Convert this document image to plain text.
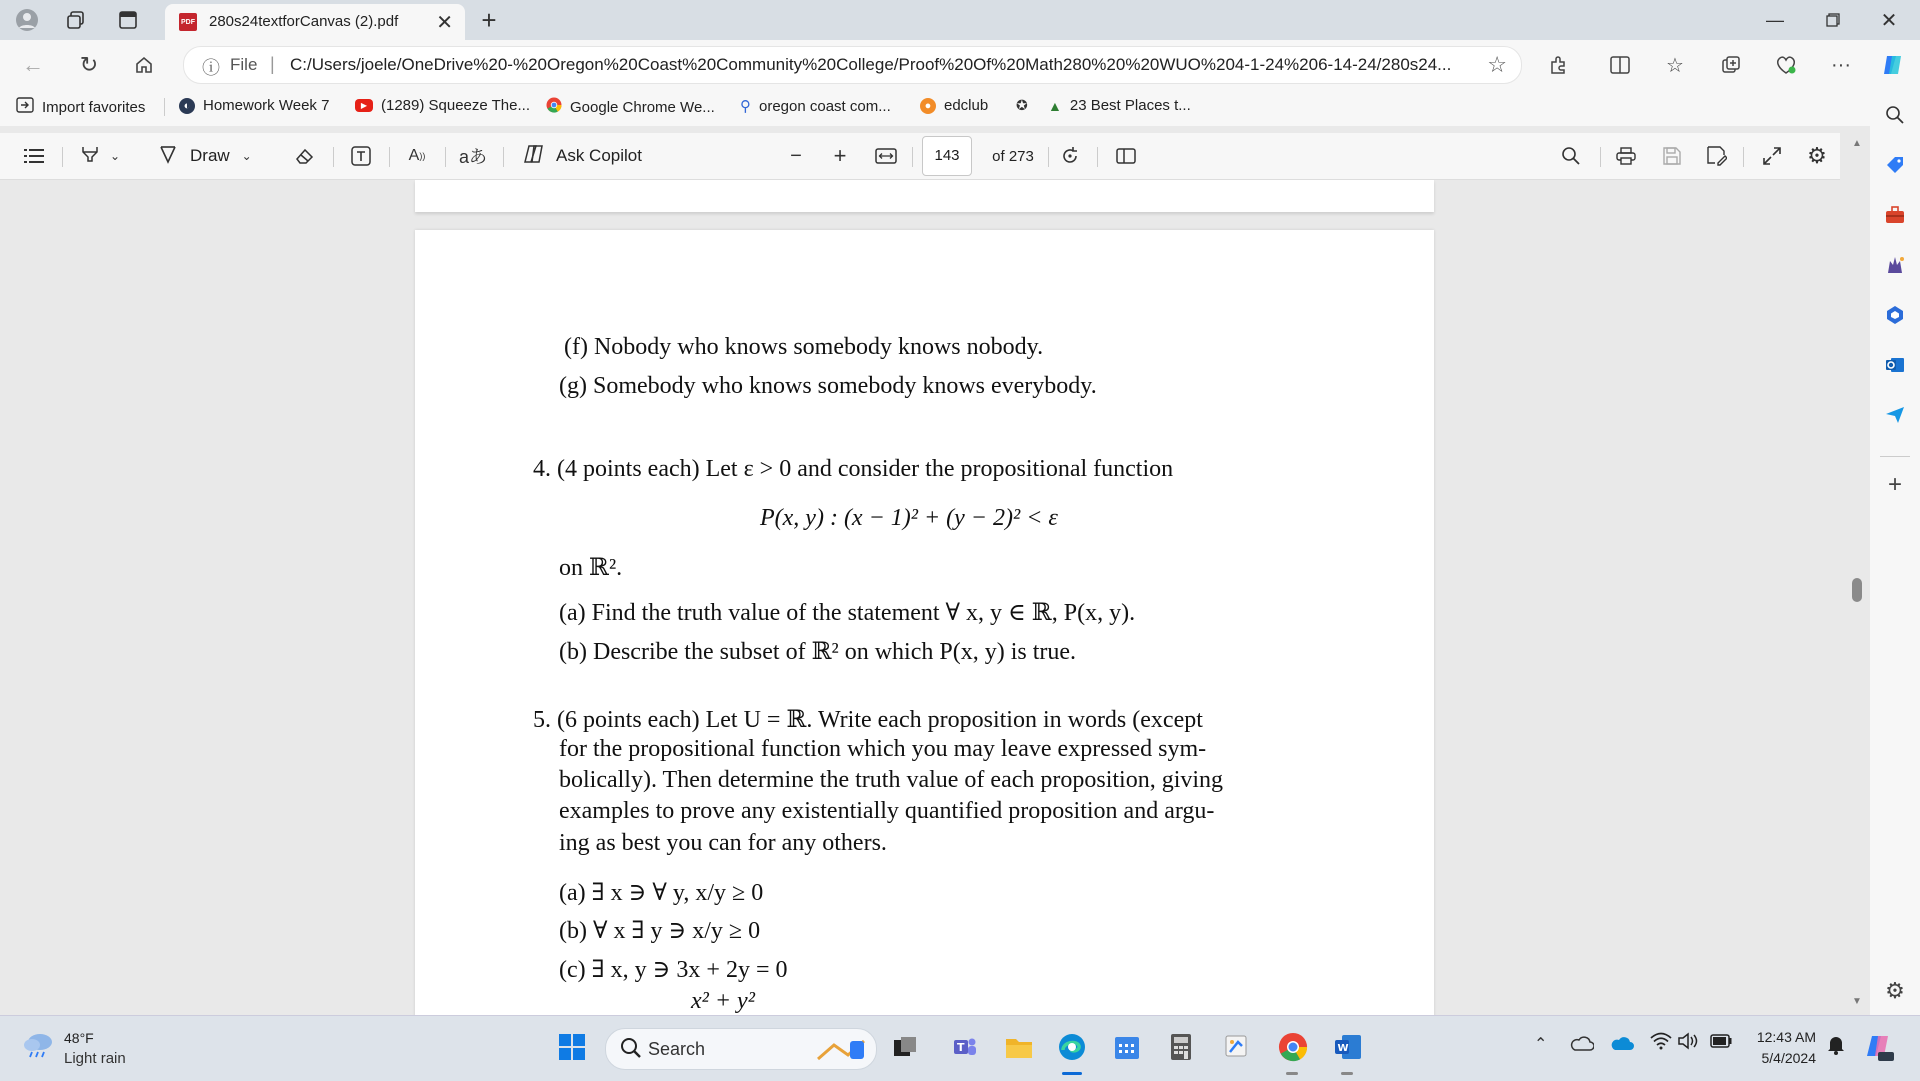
PDF 280s24textforCanvas (2).pdf ✕ +	—	✕
← ↻	ⓘ File | C:/Users/joele/OneDrive%20-%20Oregon%20Coast%20Community%20College/Proof%20Of%20Math280%20%20WUO%204-1-24%206-14-24/280s24... ☆	☆	···
Import favorites	◐ Homework Week 7	▶ (1289) Squeeze The...	Google Chrome We... ⚲ oregon coast com...	● edclub ✪ ▲ 23 Best Places t...
⌄	Draw ⌄	A )) aあ	Ask Copilot	−	+	143	of 273	⚙
(f) Nobody who knows somebody knows nobody.
(g) Somebody who knows somebody knows everybody.
4. (4 points each) Let ε > 0 and consider the propositional function
P(x, y) : (x − 1)² + (y − 2)² < ε
on ℝ².
(a) Find the truth value of the statement ∀ x, y ∈ ℝ, P(x, y).
(b) Describe the subset of ℝ² on which P(x, y) is true.
5. (6 points each) Let U = ℝ. Write each proposition in words (except
for the propositional function which you may leave expressed sym-
bolically). Then determine the truth value of each proposition, giving
examples to prove any existentially quantified proposition and argu-
ing as best you can for any others.
(a) ∃ x ∋ ∀ y, x/y ≥ 0
(b) ∀ x ∃ y ∋ x/y ≥ 0
(c) ∃ x, y ∋ 3x + 2y = 0
x² + y²
▲
▼
+
⚙
48°F
Light rain	Search	T	W	⌃	12:43 AM
5/4/2024
